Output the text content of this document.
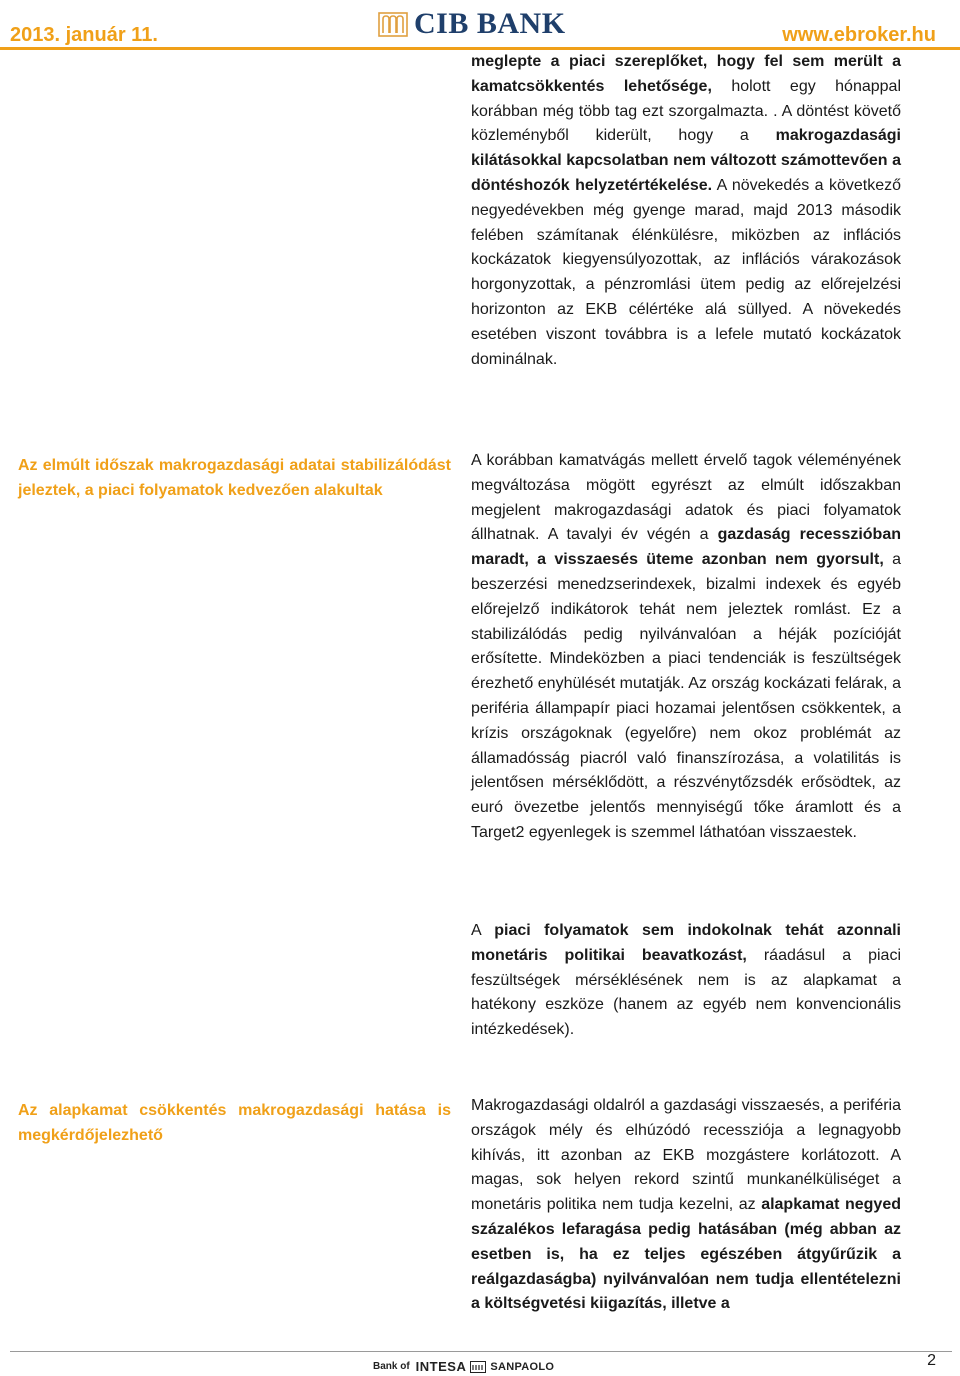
2013. január 11.	CIB BANK	www.ebroker.hu
meglepte a piaci szereplőket, hogy fel sem merült a kamatcsökkentés lehetősége, holott egy hónappal korábban még több tag ezt szorgalmazta. . A döntést követő közleményből kiderült, hogy a makrogazdasági kilátásokkal kapcsolatban nem változott számottevően a döntéshozók helyzetértékelése. A növekedés a következő negyedévekben még gyenge marad, majd 2013 második felében számítanak élénkülésre, miközben az inflációs kockázatok kiegyensúlyozottak, az inflációs várakozások horgonyzottak, a pénzromlási ütem pedig az előrejelzési horizonton az EKB célértéke alá süllyed. A növekedés esetében viszont továbbra is a lefele mutató kockázatok dominálnak.
Az elmúlt időszak makrogazdasági adatai stabilizálódást jeleztek, a piaci folyamatok kedvezően alakultak
A korábban kamatvágás mellett érvelő tagok véleményének megváltozása mögött egyrészt az elmúlt időszakban megjelent makrogazdasági adatok és piaci folyamatok állhatnak. A tavalyi év végén a gazdaság recesszióban maradt, a visszaesés üteme azonban nem gyorsult, a beszerzési menedzserindexek, bizalmi indexek és egyéb előrejelző indikátorok tehát nem jeleztek romlást. Ez a stabilizálódás pedig nyilvánvalóan a héják pozícióját erősítette. Mindeközben a piaci tendenciák is feszültségek érezhető enyhülését mutatják. Az ország kockázati felárak, a periféria állampapír piaci hozamai jelentősen csökkentek, a krízis országoknak (egyelőre) nem okoz problémát az államadósság piacról való finanszírozása, a volatilitás is jelentősen mérséklődött, a részvénytőzsdék erősödtek, az euró övezetbe jelentős mennyiségű tőke áramlott és a Target2 egyenlegek is szemmel láthatóan visszaestek.
A piaci folyamatok sem indokolnak tehát azonnali monetáris politikai beavatkozást, ráadásul a piaci feszültségek mérséklésének nem is az alapkamat a hatékony eszköze (hanem az egyéb nem konvencionális intézkedések).
Az alapkamat csökkentés makrogazdasági hatása is megkérdőjelezhető
Makrogazdasági oldalról a gazdasági visszaesés, a periféria országok mély és elhúzódó recessziója a legnagyobb kihívás, itt azonban az EKB mozgástere korlátozott. A magas, sok helyen rekord szintű munkanélküliséget a monetáris politika nem tudja kezelni, az alapkamat negyed százalékos lefaragása pedig hatásában (még abban az esetben is, ha ez teljes egészében átgyűrűzik a reálgazdaságba) nyilvánvalóan nem tudja ellentételezni a költségvetési kiigazítás, illetve a
Bank of INTESA SANPAOLO	2
